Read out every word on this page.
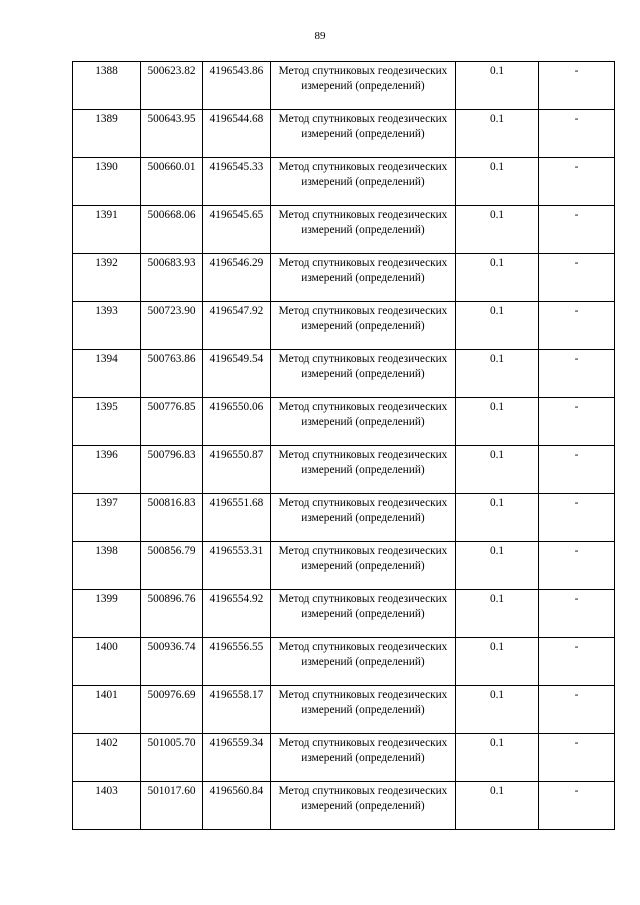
89
1388	500623.82	4196543.86	Метод спутниковых геодезических измерений (определений)	0.1	-
1389	500643.95	4196544.68	Метод спутниковых геодезических измерений (определений)	0.1	-
1390	500660.01	4196545.33	Метод спутниковых геодезических измерений (определений)	0.1	-
1391	500668.06	4196545.65	Метод спутниковых геодезических измерений (определений)	0.1	-
1392	500683.93	4196546.29	Метод спутниковых геодезических измерений (определений)	0.1	-
1393	500723.90	4196547.92	Метод спутниковых геодезических измерений (определений)	0.1	-
1394	500763.86	4196549.54	Метод спутниковых геодезических измерений (определений)	0.1	-
1395	500776.85	4196550.06	Метод спутниковых геодезических измерений (определений)	0.1	-
1396	500796.83	4196550.87	Метод спутниковых геодезических измерений (определений)	0.1	-
1397	500816.83	4196551.68	Метод спутниковых геодезических измерений (определений)	0.1	-
1398	500856.79	4196553.31	Метод спутниковых геодезических измерений (определений)	0.1	-
1399	500896.76	4196554.92	Метод спутниковых геодезических измерений (определений)	0.1	-
1400	500936.74	4196556.55	Метод спутниковых геодезических измерений (определений)	0.1	-
1401	500976.69	4196558.17	Метод спутниковых геодезических измерений (определений)	0.1	-
1402	501005.70	4196559.34	Метод спутниковых геодезических измерений (определений)	0.1	-
1403	501017.60	4196560.84	Метод спутниковых геодезических измерений (определений)	0.1	-
